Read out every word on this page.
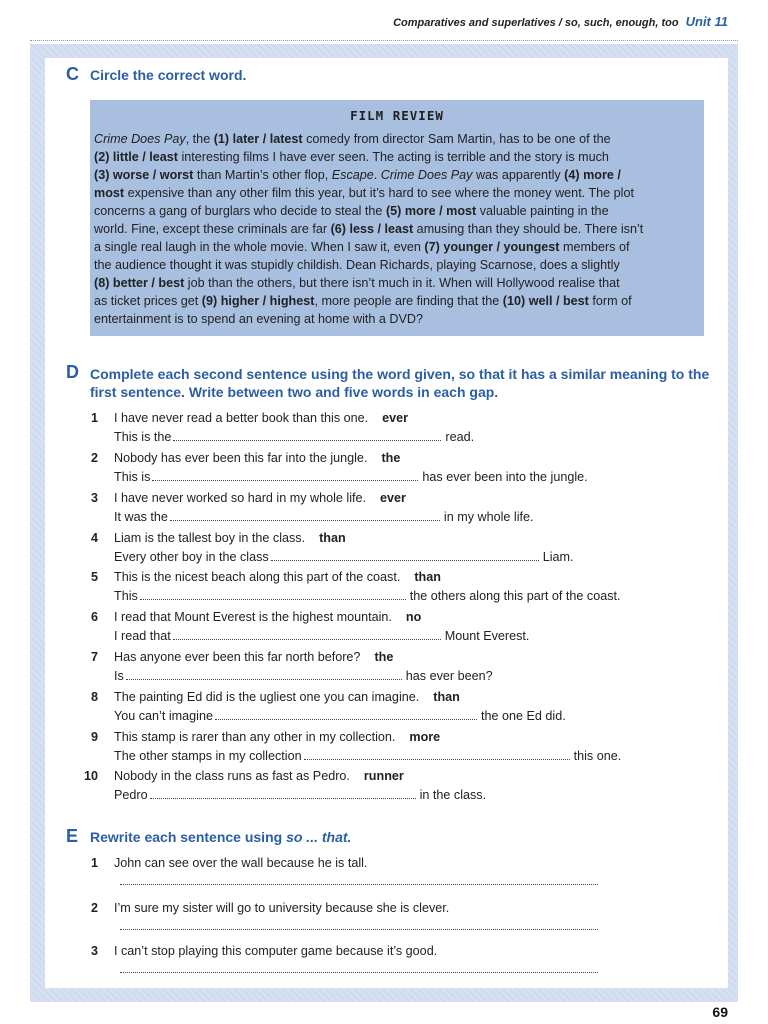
Comparatives and superlatives / so, such, enough, too Unit 11
C Circle the correct word.
FILM REVIEW
Crime Does Pay, the (1) later / latest comedy from director Sam Martin, has to be one of the
(2) little / least interesting films I have ever seen. The acting is terrible and the story is much
(3) worse / worst than Martin’s other flop, Escape. Crime Does Pay was apparently (4) more /
most expensive than any other film this year, but it’s hard to see where the money went. The plot
concerns a gang of burglars who decide to steal the (5) more / most valuable painting in the
world. Fine, except these criminals are far (6) less / least amusing than they should be. There isn’t
a single real laugh in the whole movie. When I saw it, even (7) younger / youngest members of
the audience thought it was stupidly childish. Dean Richards, playing Scarnose, does a slightly
(8) better / best job than the others, but there isn’t much in it. When will Hollywood realise that
as ticket prices get (9) higher / highest, more people are finding that the (10) well / best form of
entertainment is to spend an evening at home with a DVD?
D Complete each second sentence using the word given, so that it has a similar meaning to the
first sentence. Write between two and five words in each gap.
1 I have never read a better book than this one. ever
This is the	read.
2 Nobody has ever been this far into the jungle. the
This is	has ever been into the jungle.
3 I have never worked so hard in my whole life. ever
It was the	in my whole life.
4 Liam is the tallest boy in the class. than
Every other boy in the class	Liam.
5 This is the nicest beach along this part of the coast. than
This	the others along this part of the coast.
6 I read that Mount Everest is the highest mountain. no
I read that	Mount Everest.
7 Has anyone ever been this far north before? the
Is	has ever been?
8 The painting Ed did is the ugliest one you can imagine. than
You can’t imagine	the one Ed did.
9 This stamp is rarer than any other in my collection. more
The other stamps in my collection	this one.
10 Nobody in the class runs as fast as Pedro. runner
Pedro	in the class.
E Rewrite each sentence using so ... that.
1 John can see over the wall because he is tall.
2 I’m sure my sister will go to university because she is clever.
3 I can’t stop playing this computer game because it’s good.
69
